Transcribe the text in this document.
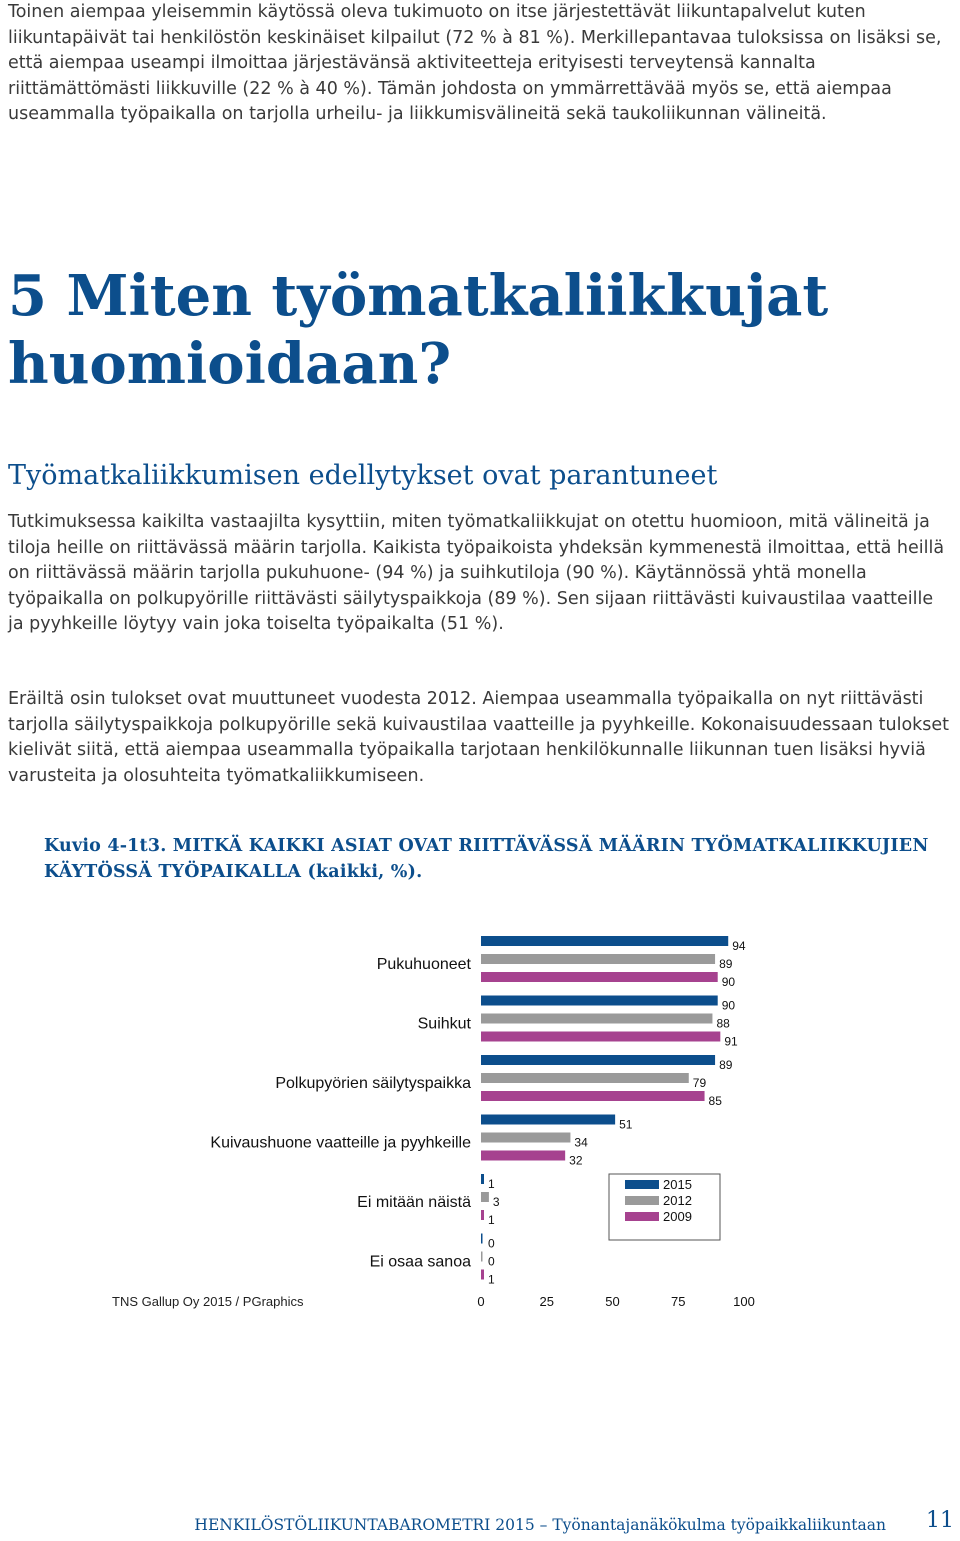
Toinen aiempaa yleisemmin käytössä oleva tukimuoto on itse järjestettävät liikuntapalvelut kuten liikuntapäivät tai henkilöstön keskinäiset kilpailut (72 % à 81 %). Merkillepantavaa tuloksissa on lisäksi se, että aiempaa useampi ilmoittaa järjestävänsä aktiviteetteja erityisesti terveytensä kannalta riittämättömästi liikkuville (22 % à 40 %). Tämän johdosta on ymmärrettävää myös se, että aiempaa useammalla työpaikalla on tarjolla urheilu- ja liikkumisvälineitä sekä taukoliikunnan välineitä.

5 Miten työmatkaliikkujat huomioidaan?
Työmatkaliikkumisen edellytykset ovat parantuneet

Tutkimuksessa kaikilta vastaajilta kysyttiin, miten työmatkaliikkujat on otettu huomioon, mitä välineitä ja tiloja heille on riittävässä määrin tarjolla. Kaikista työpaikoista yhdeksän kymmenestä ilmoittaa, että heillä on riittävässä määrin tarjolla pukuhuone- (94 %) ja suihkutiloja (90 %). Käytännössä yhtä monella työpaikalla on polkupyörille riittävästi säilytyspaikkoja (89 %). Sen sijaan riittävästi kuivaustilaa vaatteille ja pyyhkeille löytyy vain joka toiselta työpaikalta (51 %).

Eräiltä osin tulokset ovat muuttuneet vuodesta 2012. Aiempaa useammalla työpaikalla on nyt riittävästi tarjolla säilytyspaikkoja polkupyörille sekä kuivaustilaa vaatteille ja pyyhkeille. Kokonaisuudessaan tulokset kielivät siitä, että aiempaa useammalla työpaikalla tarjotaan henkilökunnalle liikunnan tuen lisäksi hyviä varusteita ja olosuhteita työmatkaliikkumiseen.

Kuvio 4-1t3. MITKÄ KAIKKI ASIAT OVAT RIITTÄVÄSSÄ MÄÄRIN TYÖMATKALIIKKUJIEN KÄYTÖSSÄ TYÖPAIKALLA (kaikki, %).

Pukuhuoneet
Suihkut
Polkupyörien säilytyspaikka
Kuivaushuone vaatteille ja pyyhkeille
Ei mitään näistä
Ei osaa sanoa
94
89
90
90
88
91
89
79
85
51
34
32
1
3
1
0
0
1
0	25	50	75	100
2015
2012
2009
TNS Gallup Oy 2015 / PGraphics
HENKILÖSTÖLIIKUNTABAROMETRI 2015 – Työnantajanäkökulma työpaikkaliikuntaan 11
